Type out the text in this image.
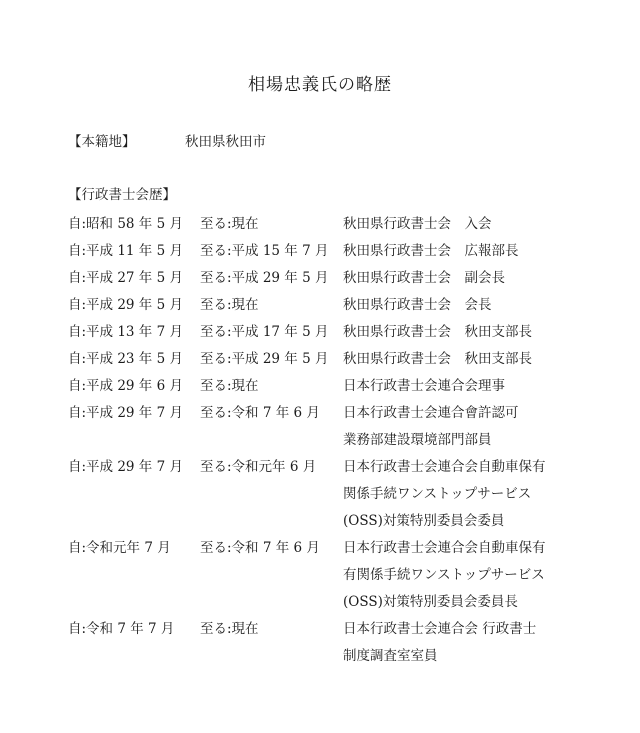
相場忠義氏の略歴
【本籍地】	秋田県秋田市
【行政書士会歴】
自:昭和 58 年 5 月	至る:現在	秋田県行政書士会　入会
自:平成 11 年 5 月	至る:平成 15 年 7 月	秋田県行政書士会　広報部長
自:平成 27 年 5 月	至る:平成 29 年 5 月	秋田県行政書士会　副会長
自:平成 29 年 5 月	至る:現在	秋田県行政書士会　会長
自:平成 13 年 7 月	至る:平成 17 年 5 月	秋田県行政書士会　秋田支部長
自:平成 23 年 5 月	至る:平成 29 年 5 月	秋田県行政書士会　秋田支部長
自:平成 29 年 6 月	至る:現在	日本行政書士会連合会理事
自:平成 29 年 7 月	至る:令和 7 年 6 月	日本行政書士会連合會許認可
業務部建設環境部門部員
自:平成 29 年 7 月	至る:令和元年 6 月	日本行政書士会連合会自動車保有
関係手続ワンストップサービス
(OSS)対策特別委員会委員
自:令和元年 7 月	至る:令和 7 年 6 月	日本行政書士会連合会自動車保有
有関係手続ワンストップサービス
(OSS)対策特別委員会委員長
自:令和 7 年 7 月	至る:現在	日本行政書士会連合会 行政書士
制度調査室室員
